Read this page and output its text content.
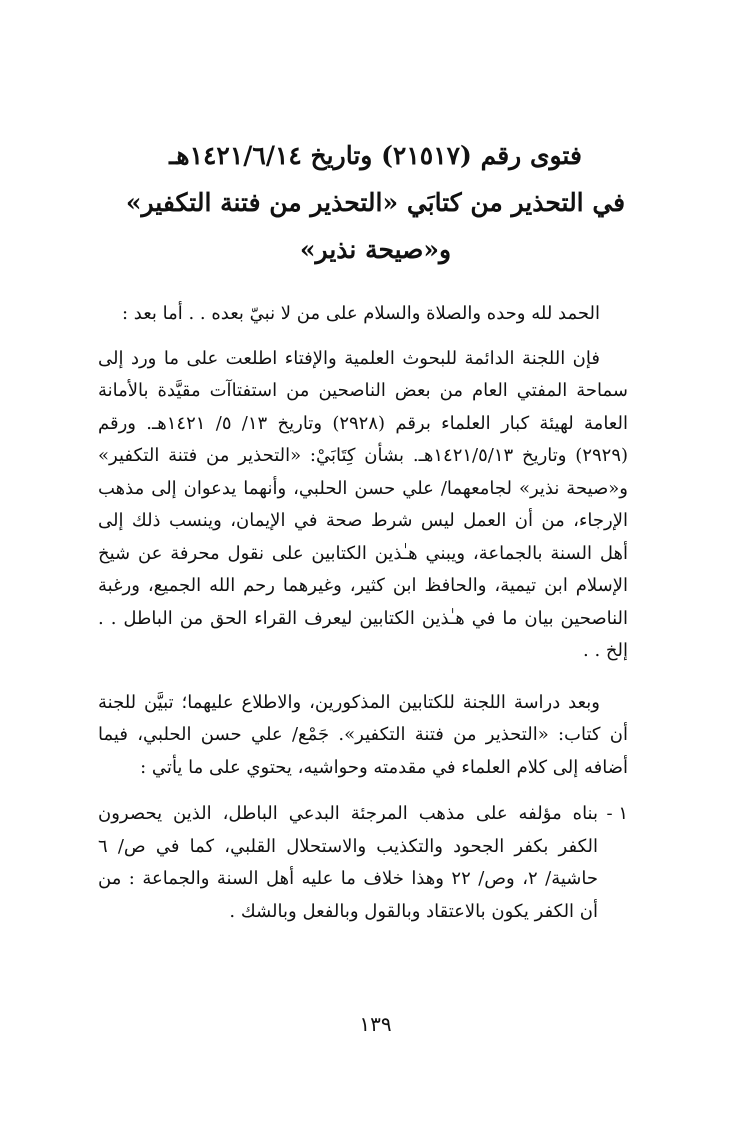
فتوى رقم (٢١٥١٧) وتاريخ ١٤٢١/٦/١٤هـ
في التحذير من كتابَي «التحذير من فتنة التكفير»
و«صيحة نذير»

الحمد لله وحده والصلاة والسلام على من لا نبيّ بعده . . أما بعد :

فإن اللجنة الدائمة للبحوث العلمية والإفتاء اطلعت على ما ورد إلى سماحة المفتي العام من بعض الناصحين من استفتاآت مقيَّدة بالأمانة العامة لهيئة كبار العلماء برقم (٢٩٢٨) وتاريخ ١٣/ ٥/ ١٤٢١هـ. ورقم (٢٩٢٩) وتاريخ ١٤٢١/٥/١٣هـ. بشأن كِتَابَيْ: «التحذير من فتنة التكفير» و«صيحة نذير» لجامعهما/ علي حسن الحلبي، وأنهما يدعوان إلى مذهب الإرجاء، من أن العمل ليس شرط صحة في الإيمان، وينسب ذلك إلى أهل السنة بالجماعة، ويبني هـٰذين الكتابين على نقول محرفة عن شيخ الإسلام ابن تيمية، والحافظ ابن كثير، وغيرهما رحم الله الجميع، ورغبة الناصحين بيان ما في هـٰذين الكتابين ليعرف القراء الحق من الباطل . . إلخ . .

وبعد دراسة اللجنة للكتابين المذكورين، والاطلاع عليهما؛ تبيَّن للجنة أن كتاب: «التحذير من فتنة التكفير». جَمْع/ علي حسن الحلبي، فيما أضافه إلى كلام العلماء في مقدمته وحواشيه، يحتوي على ما يأتي :

١ -
بناه مؤلفه على مذهب المرجئة البدعي الباطل، الذين يحصرون الكفر بكفر الجحود والتكذيب والاستحلال القلبي، كما في ص/ ٦ حاشية/ ٢، وص/ ٢٢ وهذا خلاف ما عليه أهل السنة والجماعة : من أن الكفر يكون بالاعتقاد وبالقول وبالفعل وبالشك .
١٣٩
